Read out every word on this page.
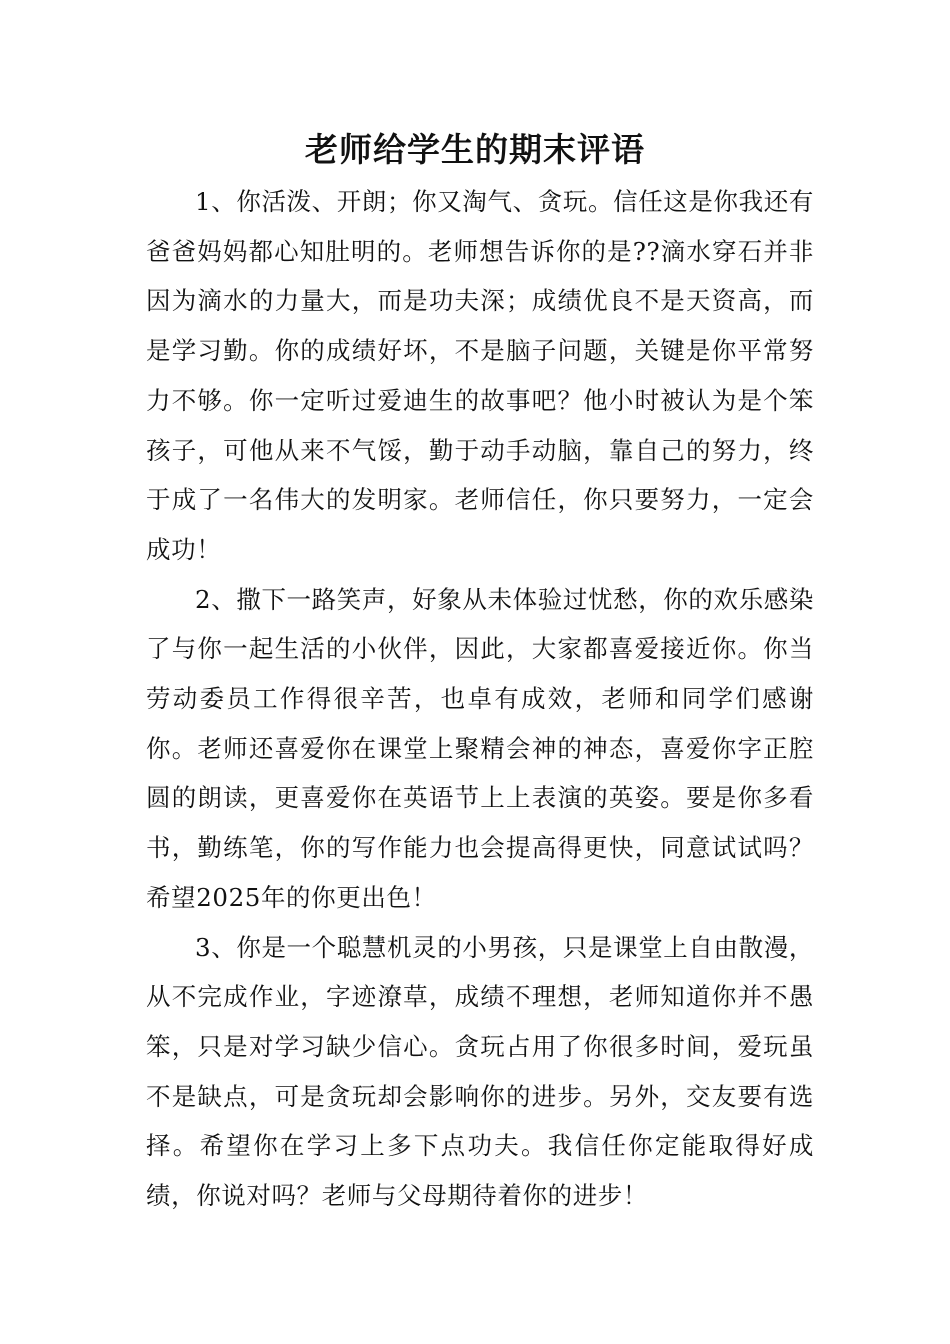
老师给学生的期末评语

1、你活泼、开朗；你又淘气、贪玩。信任这是你我还有爸爸妈妈都心知肚明的。老师想告诉你的是??滴水穿石并非因为滴水的力量大，而是功夫深；成绩优良不是天资高，而是学习勤。你的成绩好坏，不是脑子问题，关键是你平常努力不够。你一定听过爱迪生的故事吧？他小时被认为是个笨孩子，可他从来不气馁，勤于动手动脑，靠自己的努力，终于成了一名伟大的发明家。老师信任，你只要努力，一定会成功！

2、撒下一路笑声，好象从未体验过忧愁，你的欢乐感染了与你一起生活的小伙伴，因此，大家都喜爱接近你。你当劳动委员工作得很辛苦，也卓有成效，老师和同学们感谢你。老师还喜爱你在课堂上聚精会神的神态，喜爱你字正腔圆的朗读，更喜爱你在英语节上上表演的英姿。要是你多看书，勤练笔，你的写作能力也会提高得更快，同意试试吗？希望2025年的你更出色！

3、你是一个聪慧机灵的小男孩，只是课堂上自由散漫，从不完成作业，字迹潦草，成绩不理想，老师知道你并不愚笨，只是对学习缺少信心。贪玩占用了你很多时间，爱玩虽不是缺点，可是贪玩却会影响你的进步。另外，交友要有选择。希望你在学习上多下点功夫。我信任你定能取得好成绩，你说对吗？老师与父母期待着你的进步！
